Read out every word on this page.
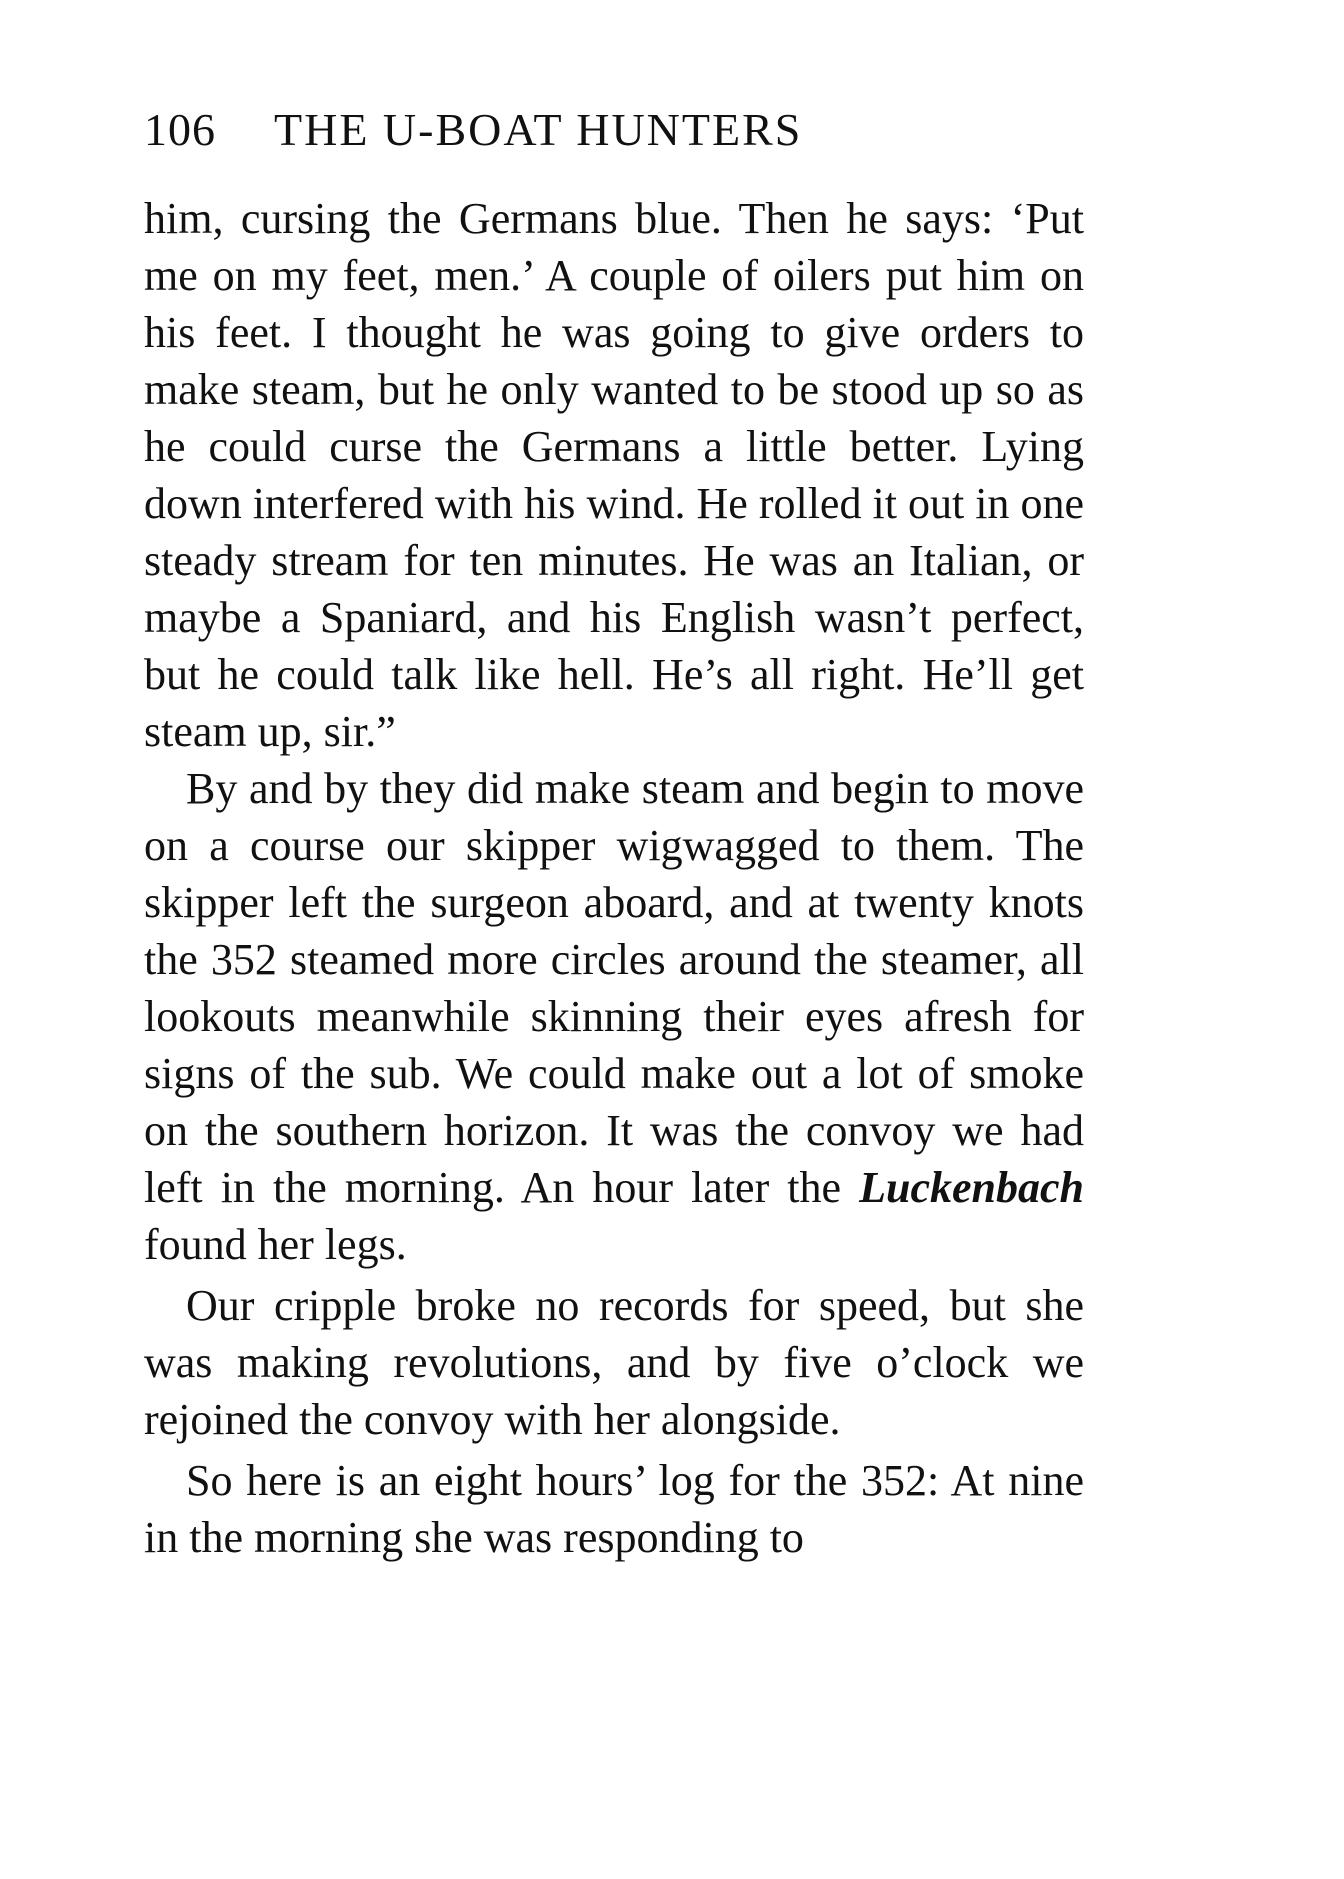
106 THE U-BOAT HUNTERS

him, cursing the Germans blue. Then he says: ‘Put me on my feet, men.’ A couple of oilers put him on his feet. I thought he was going to give orders to make steam, but he only wanted to be stood up so as he could curse the Germans a little better. Lying down interfered with his wind. He rolled it out in one steady stream for ten minutes. He was an Italian, or maybe a Spaniard, and his English wasn’t perfect, but he could talk like hell. He’s all right. He’ll get steam up, sir.”

By and by they did make steam and begin to move on a course our skipper wigwagged to them. The skipper left the surgeon aboard, and at twenty knots the 352 steamed more circles around the steamer, all lookouts meanwhile skinning their eyes afresh for signs of the sub. We could make out a lot of smoke on the southern horizon. It was the convoy we had left in the morning. An hour later the Luckenbach found her legs.

Our cripple broke no records for speed, but she was making revolutions, and by five o’clock we rejoined the convoy with her alongside.

So here is an eight hours’ log for the 352: At nine in the morning she was responding to
